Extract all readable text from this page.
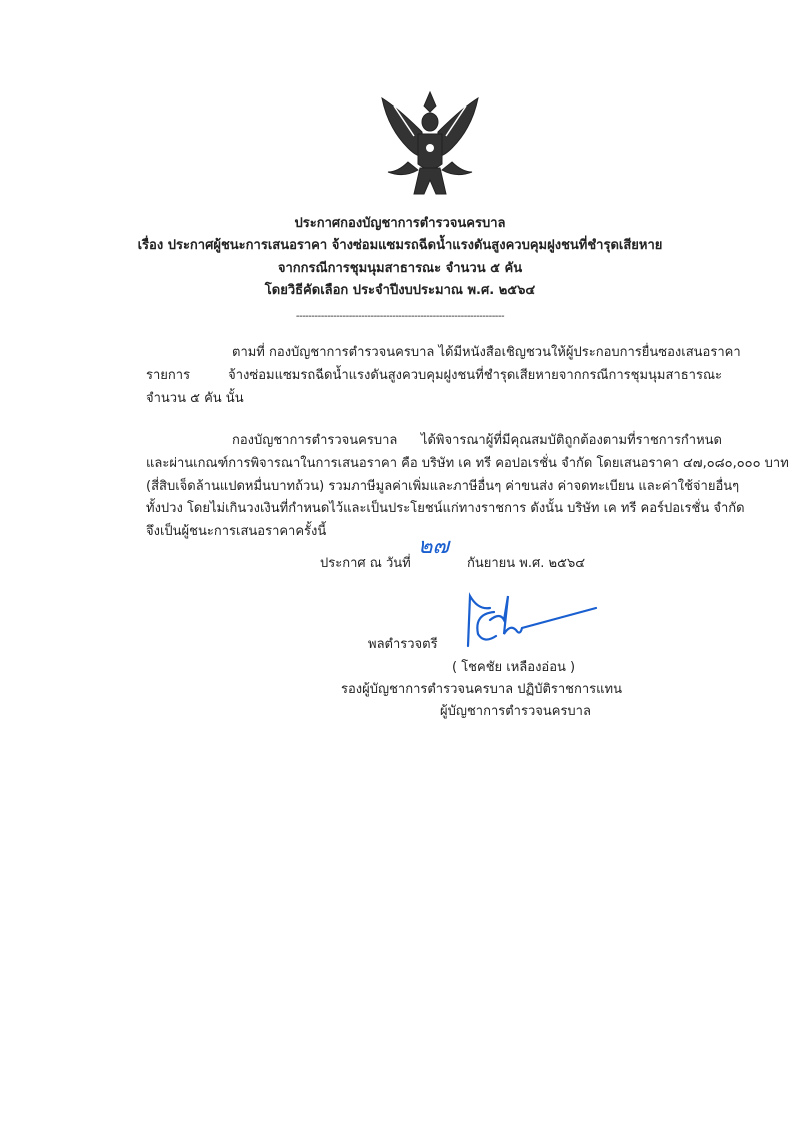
ประกาศกองบัญชาการตำรวจนครบาล
เรื่อง ประกาศผู้ชนะการเสนอราคา จ้างซ่อมแซมรถฉีดน้ำแรงดันสูงควบคุมฝูงชนที่ชำรุดเสียหาย
จากกรณีการชุมนุมสาธารณะ จำนวน ๕ คัน
โดยวิธีคัดเลือก ประจำปีงบประมาณ พ.ศ. ๒๕๖๔
-------------------------------------------------------------------
ตามที่ กองบัญชาการตำรวจนครบาล ได้มีหนังสือเชิญชวนให้ผู้ประกอบการยื่นซองเสนอราคา
รายการ จ้างซ่อมแซมรถฉีดน้ำแรงดันสูงควบคุมฝูงชนที่ชำรุดเสียหายจากกรณีการชุมนุมสาธารณะ
จำนวน ๕ คัน นั้น
กองบัญชาการตำรวจนครบาล ได้พิจารณาผู้ที่มีคุณสมบัติถูกต้องตามที่ราชการกำหนด
และผ่านเกณฑ์การพิจารณาในการเสนอราคา คือ บริษัท เค ทรี คอปอเรชั่น จำกัด โดยเสนอราคา ๔๗,๐๘๐,๐๐๐ บาท
(สี่สิบเจ็ดล้านแปดหมื่นบาทถ้วน) รวมภาษีมูลค่าเพิ่มและภาษีอื่นๆ ค่าขนส่ง ค่าจดทะเบียน และค่าใช้จ่ายอื่นๆ
ทั้งปวง โดยไม่เกินวงเงินที่กำหนดไว้และเป็นประโยชน์แก่ทางราชการ ดังนั้น บริษัท เค ทรี คอร์ปอเรชั่น จำกัด
จึงเป็นผู้ชนะการเสนอราคาครั้งนี้
ประกาศ ณ วันที่
๒๗
กันยายน พ.ศ. ๒๕๖๔
พลตำรวจตรี
( โชคชัย เหลืองอ่อน )
รองผู้บัญชาการตำรวจนครบาล ปฏิบัติราชการแทน
ผู้บัญชาการตำรวจนครบาล
